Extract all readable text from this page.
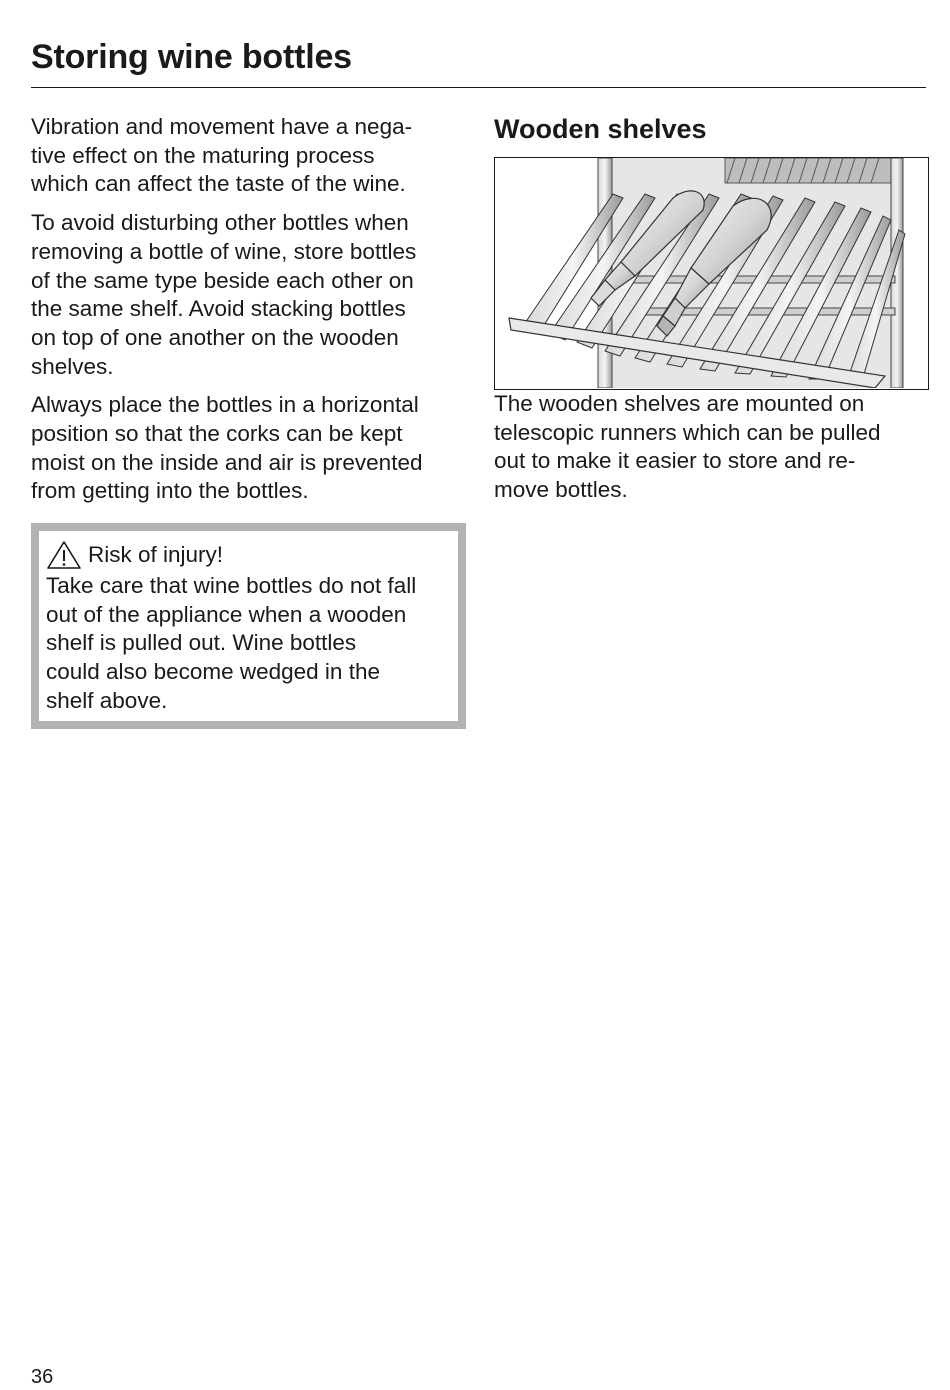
Storing wine bottles

Vibration and movement have a nega-
tive effect on the maturing process
which can affect the taste of the wine.

To avoid disturbing other bottles when
removing a bottle of wine, store bottles
of the same type beside each other on
the same shelf. Avoid stacking bottles
on top of one another on the wooden
shelves.

Always place the bottles in a horizontal
position so that the corks can be kept
moist on the inside and air is prevented
from getting into the bottles.

Risk of injury!

Take care that wine bottles do not fall
out of the appliance when a wooden
shelf is pulled out. Wine bottles
could also become wedged in the
shelf above.

Wooden shelves

The wooden shelves are mounted on
telescopic runners which can be pulled
out to make it easier to store and re-
move bottles.

36
